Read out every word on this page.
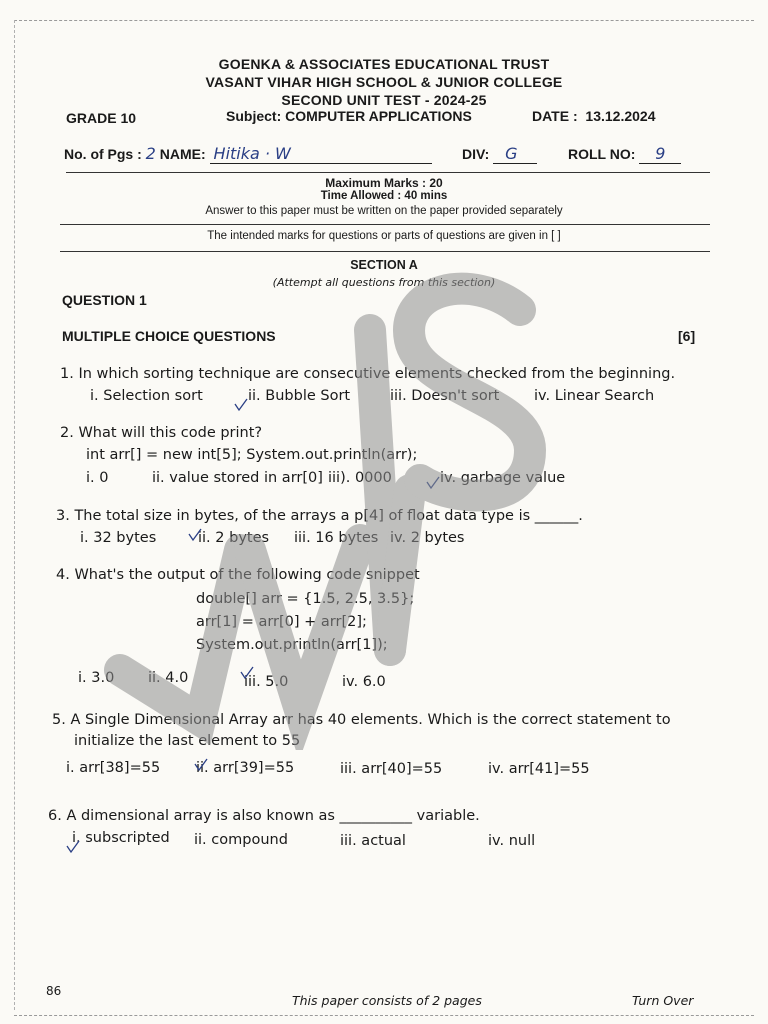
GOENKA & ASSOCIATES EDUCATIONAL TRUST
VASANT VIHAR HIGH SCHOOL & JUNIOR COLLEGE
SECOND UNIT TEST - 2024-25
GRADE 10	Subject: COMPUTER APPLICATIONS	DATE : 13.12.2024
No. of Pgs : 2 NAME: Hitika · W	DIV: G	ROLL NO: 9
Maximum Marks : 20
Time Allowed : 40 mins
Answer to this paper must be written on the paper provided separately
The intended marks for questions or parts of questions are given in [ ]
SECTION A
(Attempt all questions from this section)
QUESTION 1
MULTIPLE CHOICE QUESTIONS	[6]
1. In which sorting technique are consecutive elements checked from the beginning.
i. Selection sort	ii. Bubble Sort	iii. Doesn't sort iv. Linear Search
2. What will this code print?
int arr[] = new int[5]; System.out.println(arr);
i. 0	ii. value stored in arr[0] iii). 0000	iv. garbage value
3. The total size in bytes, of the arrays a p[4] of float data type is ______.
i. 32 bytes	ii. 2 bytes iii. 16 bytes iv. 2 bytes
4. What's the output of the following code snippet
double[] arr = {1.5, 2.5, 3.5};
arr[1] = arr[0] + arr[2];
System.out.println(arr[1]);
i. 3.0 ii. 4.0	iii. 5.0	iv. 6.0
5. A Single Dimensional Array arr has 40 elements. Which is the correct statement to
initialize the last element to 55
i. arr[38]=55 ii. arr[39]=55	iii. arr[40]=55	iv. arr[41]=55
6. A dimensional array is also known as __________ variable.
i. subscripted ii. compound	iii. actual	iv. null
86
This paper consists of 2 pages	Turn Over
